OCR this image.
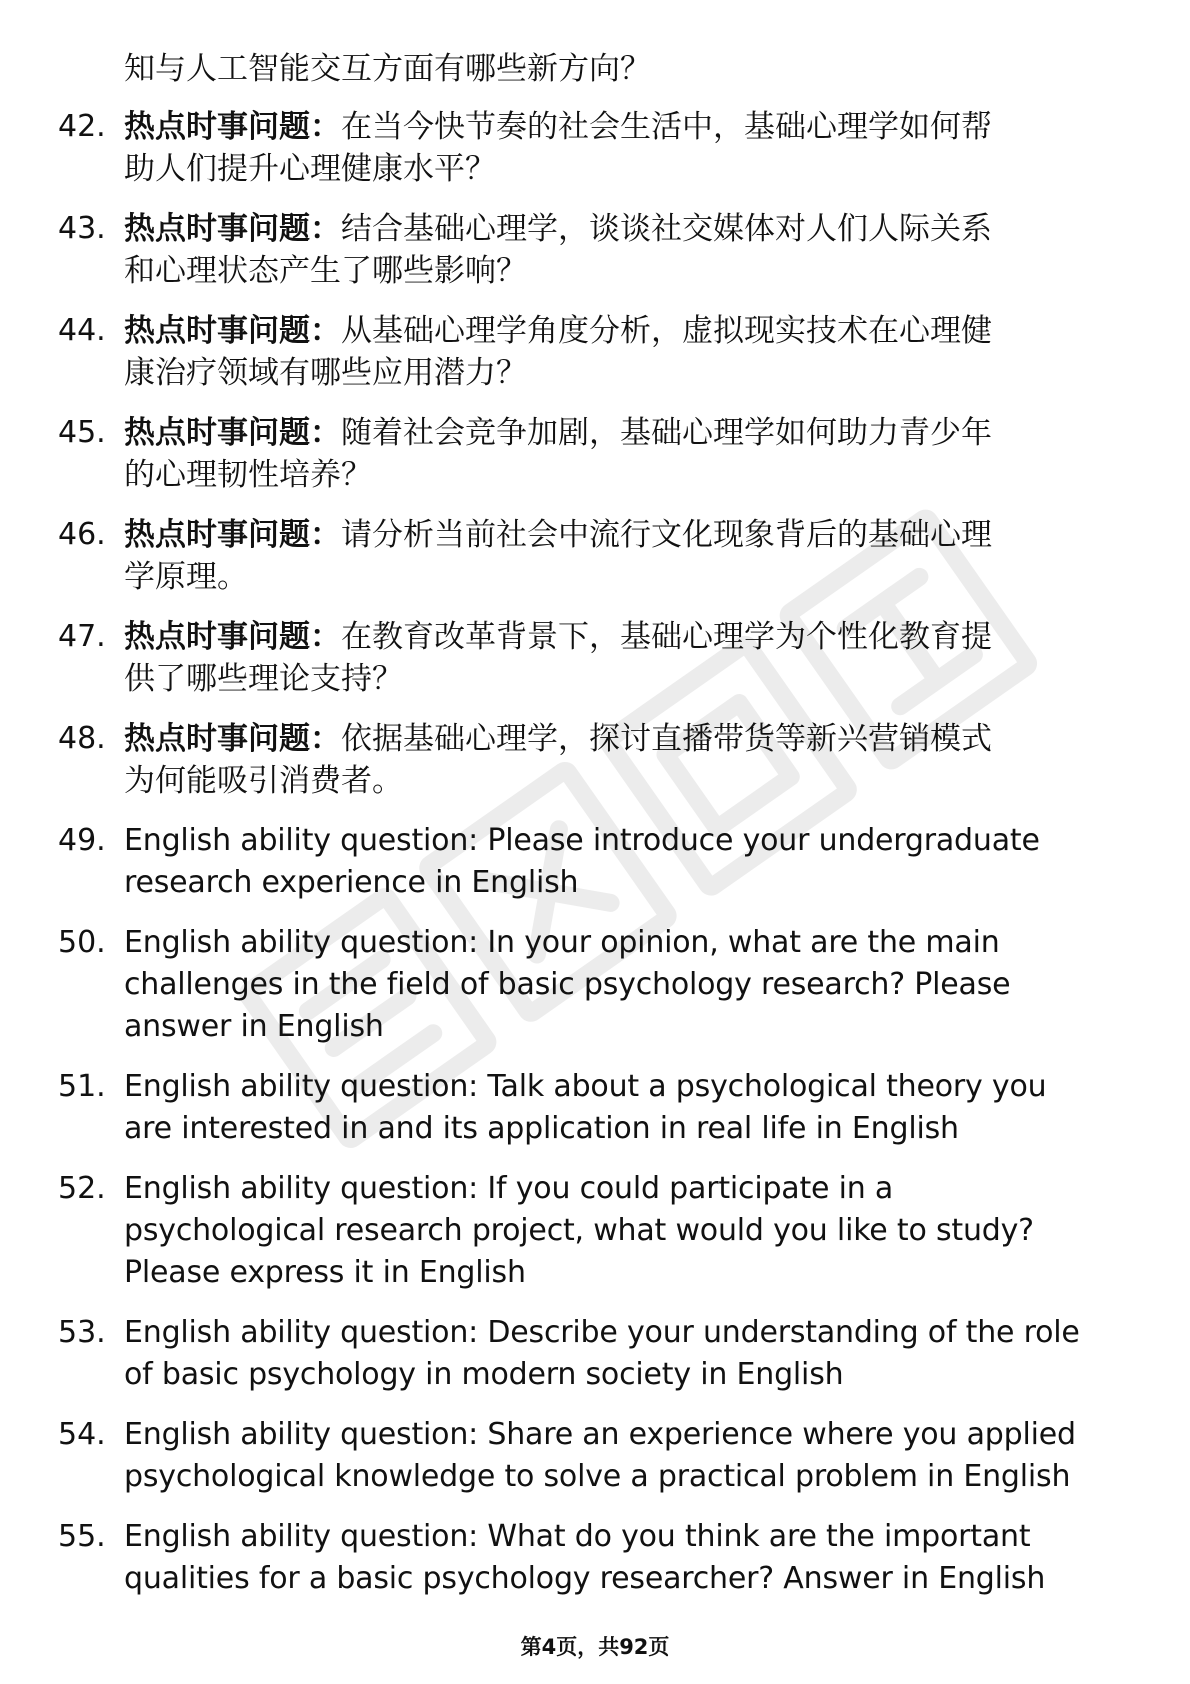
知与人工智能交互方面有哪些新方向？
42. 热点时事问题：在当今快节奏的社会生活中，基础心理学如何帮
助人们提升心理健康水平？
43. 热点时事问题：结合基础心理学，谈谈社交媒体对人们人际关系
和心理状态产生了哪些影响？
44. 热点时事问题：从基础心理学角度分析，虚拟现实技术在心理健
康治疗领域有哪些应用潜力？
45. 热点时事问题：随着社会竞争加剧，基础心理学如何助力青少年
的心理韧性培养？
46. 热点时事问题：请分析当前社会中流行文化现象背后的基础心理
学原理。
47. 热点时事问题：在教育改革背景下，基础心理学为个性化教育提
供了哪些理论支持？
48. 热点时事问题：依据基础心理学，探讨直播带货等新兴营销模式
为何能吸引消费者。
49. English ability question: Please introduce your undergraduate
research experience in English
50. English ability question: In your opinion, what are the main
challenges in the field of basic psychology research? Please
answer in English
51. English ability question: Talk about a psychological theory you
are interested in and its application in real life in English
52. English ability question: If you could participate in a
psychological research project, what would you like to study?
Please express it in English
53. English ability question: Describe your understanding of the role
of basic psychology in modern society in English
54. English ability question: Share an experience where you applied
psychological knowledge to solve a practical problem in English
55. English ability question: What do you think are the important
qualities for a basic psychology researcher? Answer in English
第4页，共92页
